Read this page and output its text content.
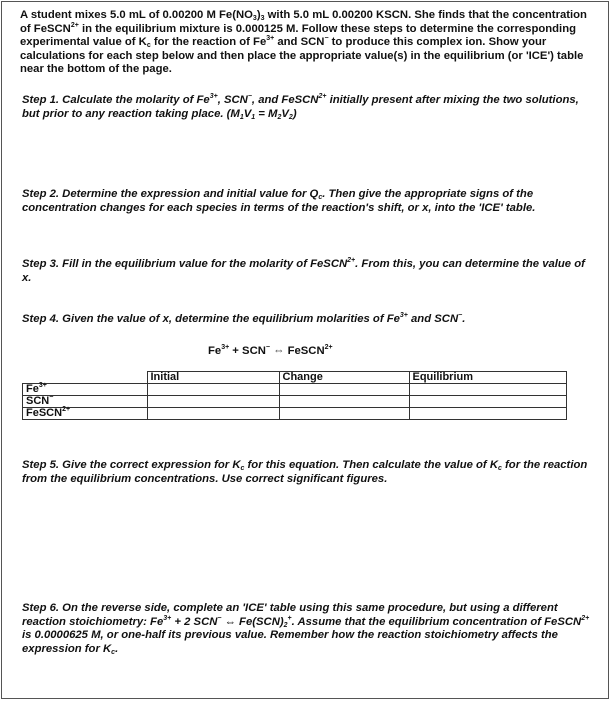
A student mixes 5.0 mL of 0.00200 M $Fe(NO_3)_3$ with 5.0 mL 0.00200 KSCN. She finds that the concentration of FeSCN$^{2+}$ in the equilibrium mixture is 0.000125 M. Follow these steps to determine the corresponding experimental value of $K_c$ for the reaction of $Fe^{3+}$ and SCN− to produce this complex ion. Show your calculations for each step below and then place the appropriate value(s) in the equilibrium (or 'ICE') table near the bottom of the page.
Step 1. Calculate the molarity of $Fe^{3+}$, SCN−, and FeSCN$^{2+}$ initially present after mixing the two solutions, but prior to any reaction taking place. $(M_1V_1 = M_2V_2)$
Step 2. Determine the expression and initial value for $Q_c$. Then give the appropriate signs of the concentration changes for each species in terms of the reaction's shift, or x, into the 'ICE' table.
Step 3. Fill in the equilibrium value for the molarity of FeSCN$^{2+}$. From this, you can determine the value of x.
Step 4. Given the value of x, determine the equilibrium molarities of $Fe^{3+}$ and SCN−.
$Fe^{3+} + SCN^-$ ⇔ FeSCN$^{2+}$
	Initial	Change	Equilibrium
$Fe^{3+}$			
SCN−			
FeSCN$^{2+}$			
Step 5. Give the correct expression for $K_c$ for this equation. Then calculate the value of $K_c$ for the reaction from the equilibrium concentrations. Use correct significant figures.
Step 6. On the reverse side, complete an 'ICE' table using this same procedure, but using a different reaction stoichiometry: $Fe^{3+} + 2$ SCN− ⇔ $Fe(SCN)_2^+$. Assume that the equilibrium concentration of FeSCN$^{2+}$ is 0.0000625 M, or one-half its previous value. Remember how the reaction stoichiometry affects the expression for $K_c$.
